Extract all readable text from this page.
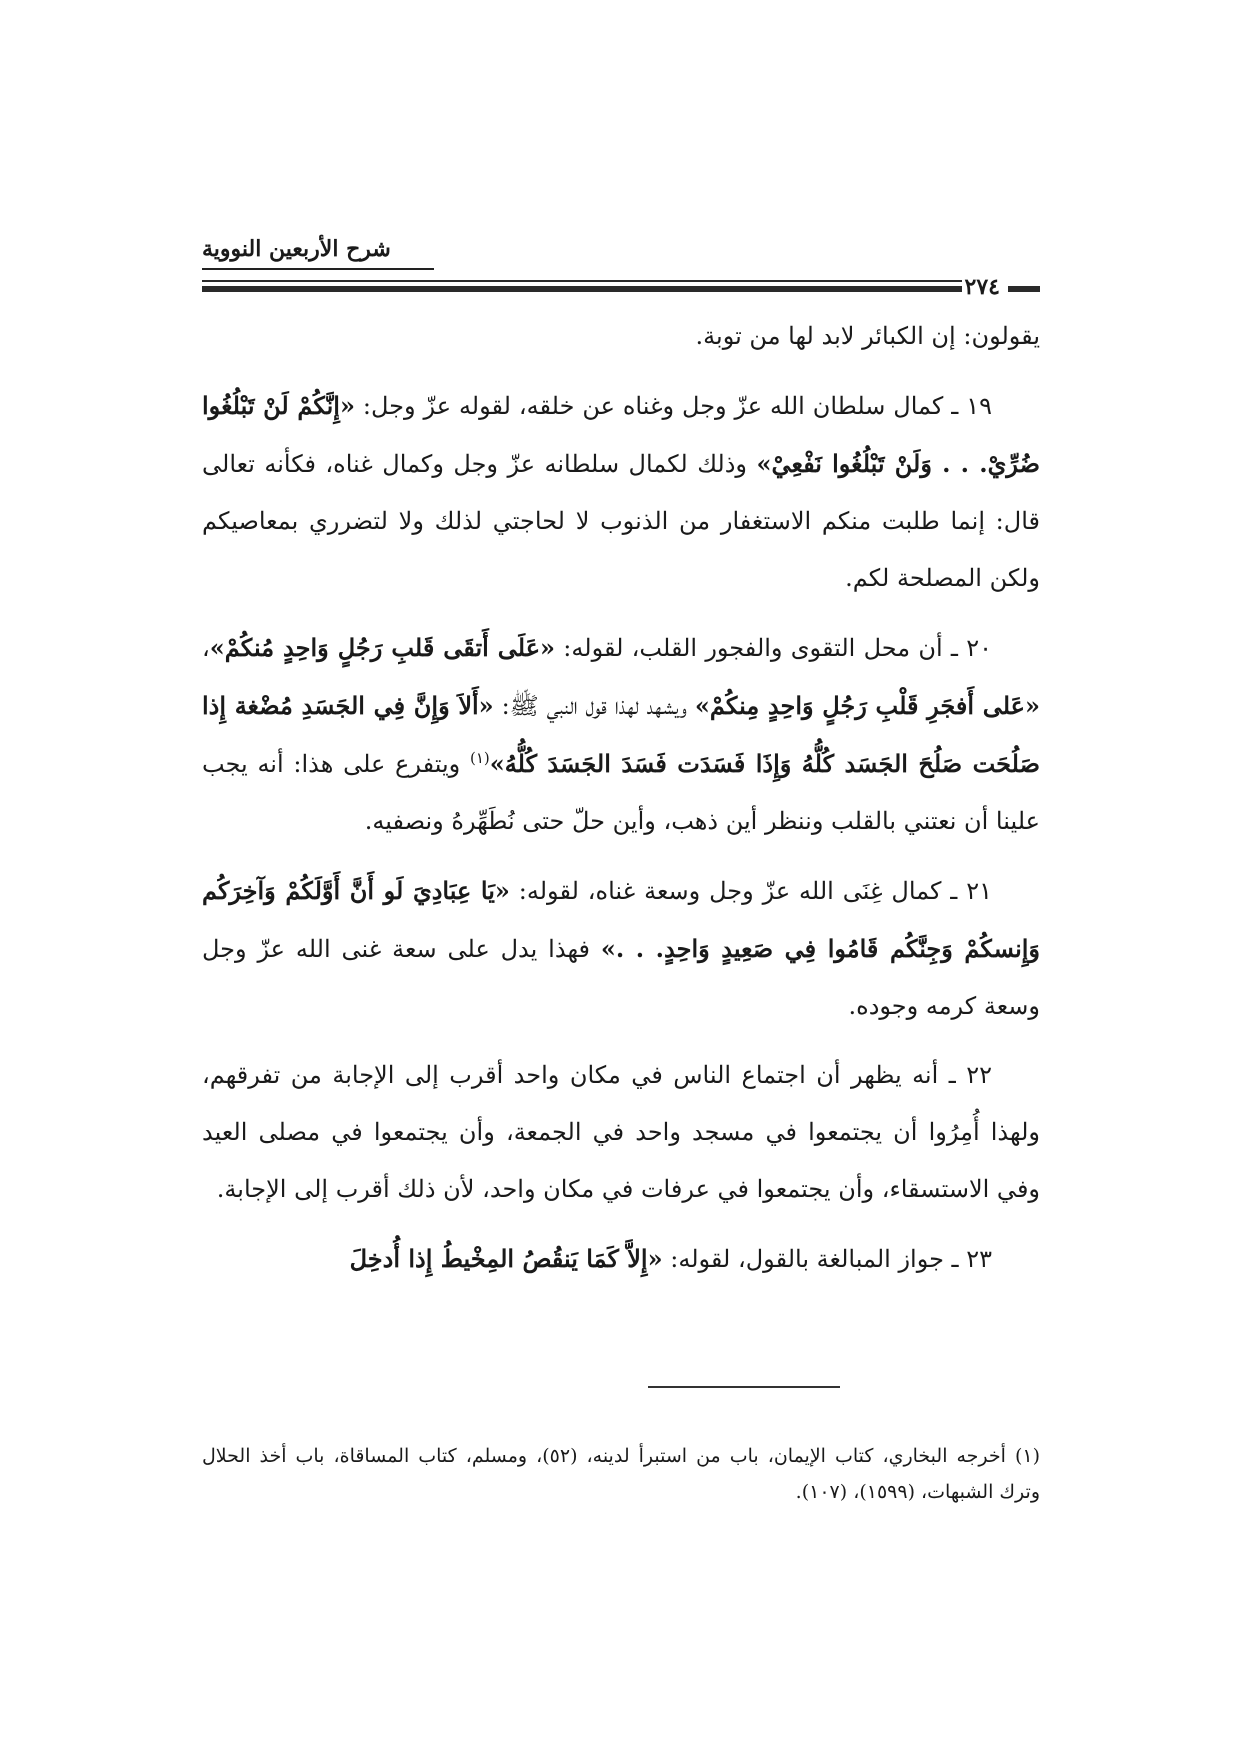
شرح الأربعين النووية
٢٧٤

يقولون: إن الكبائر لابد لها من توبة.

١٩ ـ كمال سلطان الله عزّ وجل وغناه عن خلقه، لقوله عزّ وجل: «إِنَّكُمْ لَنْ تَبْلُغُوا ضُرِّيْ. . . وَلَنْ تَبْلُغُوا نَفْعِيْ» وذلك لكمال سلطانه عزّ وجل وكمال غناه، فكأنه تعالى قال: إنما طلبت منكم الاستغفار من الذنوب لا لحاجتي لذلك ولا لتضرري بمعاصيكم ولكن المصلحة لكم.

٢٠ ـ أن محل التقوى والفجور القلب، لقوله: «عَلَى أَتقَى قَلبِ رَجُلٍ وَاحِدٍ مُنكُمْ»، «عَلى أَفجَرِ قَلْبِ رَجُلٍ وَاحِدٍ مِنكُمْ» ويشهد لهذا قول النبي ﷺ: «أَلاَ وَإِنَّ فِي الجَسَدِ مُضْغة إِذا صَلُحَت صَلُحَ الجَسَد كُلُّهُ وَإِذَا فَسَدَت فَسَدَ الجَسَدَ كُلُّهُ»$^{(١)}$ ويتفرع على هذا: أنه يجب علينا أن نعتني بالقلب وننظر أين ذهب، وأين حلّ حتى نُطَهِّرهُ ونصفيه.

٢١ ـ كمال غِنَى الله عزّ وجل وسعة غناه، لقوله: «يَا عِبَادِيَ لَو أَنَّ أَوَّلَكُمْ وَآخِرَكُم وَإِنسكُمْ وَجِنَّكُم قَامُوا فِي صَعِيدٍ وَاحِدٍ. . .» فهذا يدل على سعة غنى الله عزّ وجل وسعة كرمه وجوده.

٢٢ ـ أنه يظهر أن اجتماع الناس في مكان واحد أقرب إلى الإجابة من تفرقهم، ولهذا أُمِرُوا أن يجتمعوا في مسجد واحد في الجمعة، وأن يجتمعوا في مصلى العيد وفي الاستسقاء، وأن يجتمعوا في عرفات في مكان واحد، لأن ذلك أقرب إلى الإجابة.

٢٣ ـ جواز المبالغة بالقول، لقوله: «إِلاَّ كَمَا يَنقُصُ المِخْيطُ إِذا أُدخِلَ

(١) أخرجه البخاري، كتاب الإيمان، باب من استبرأ لدينه، (٥٢)، ومسلم، كتاب المساقاة، باب أخذ الحلال وترك الشبهات، (١٥٩٩)، (١٠٧).
